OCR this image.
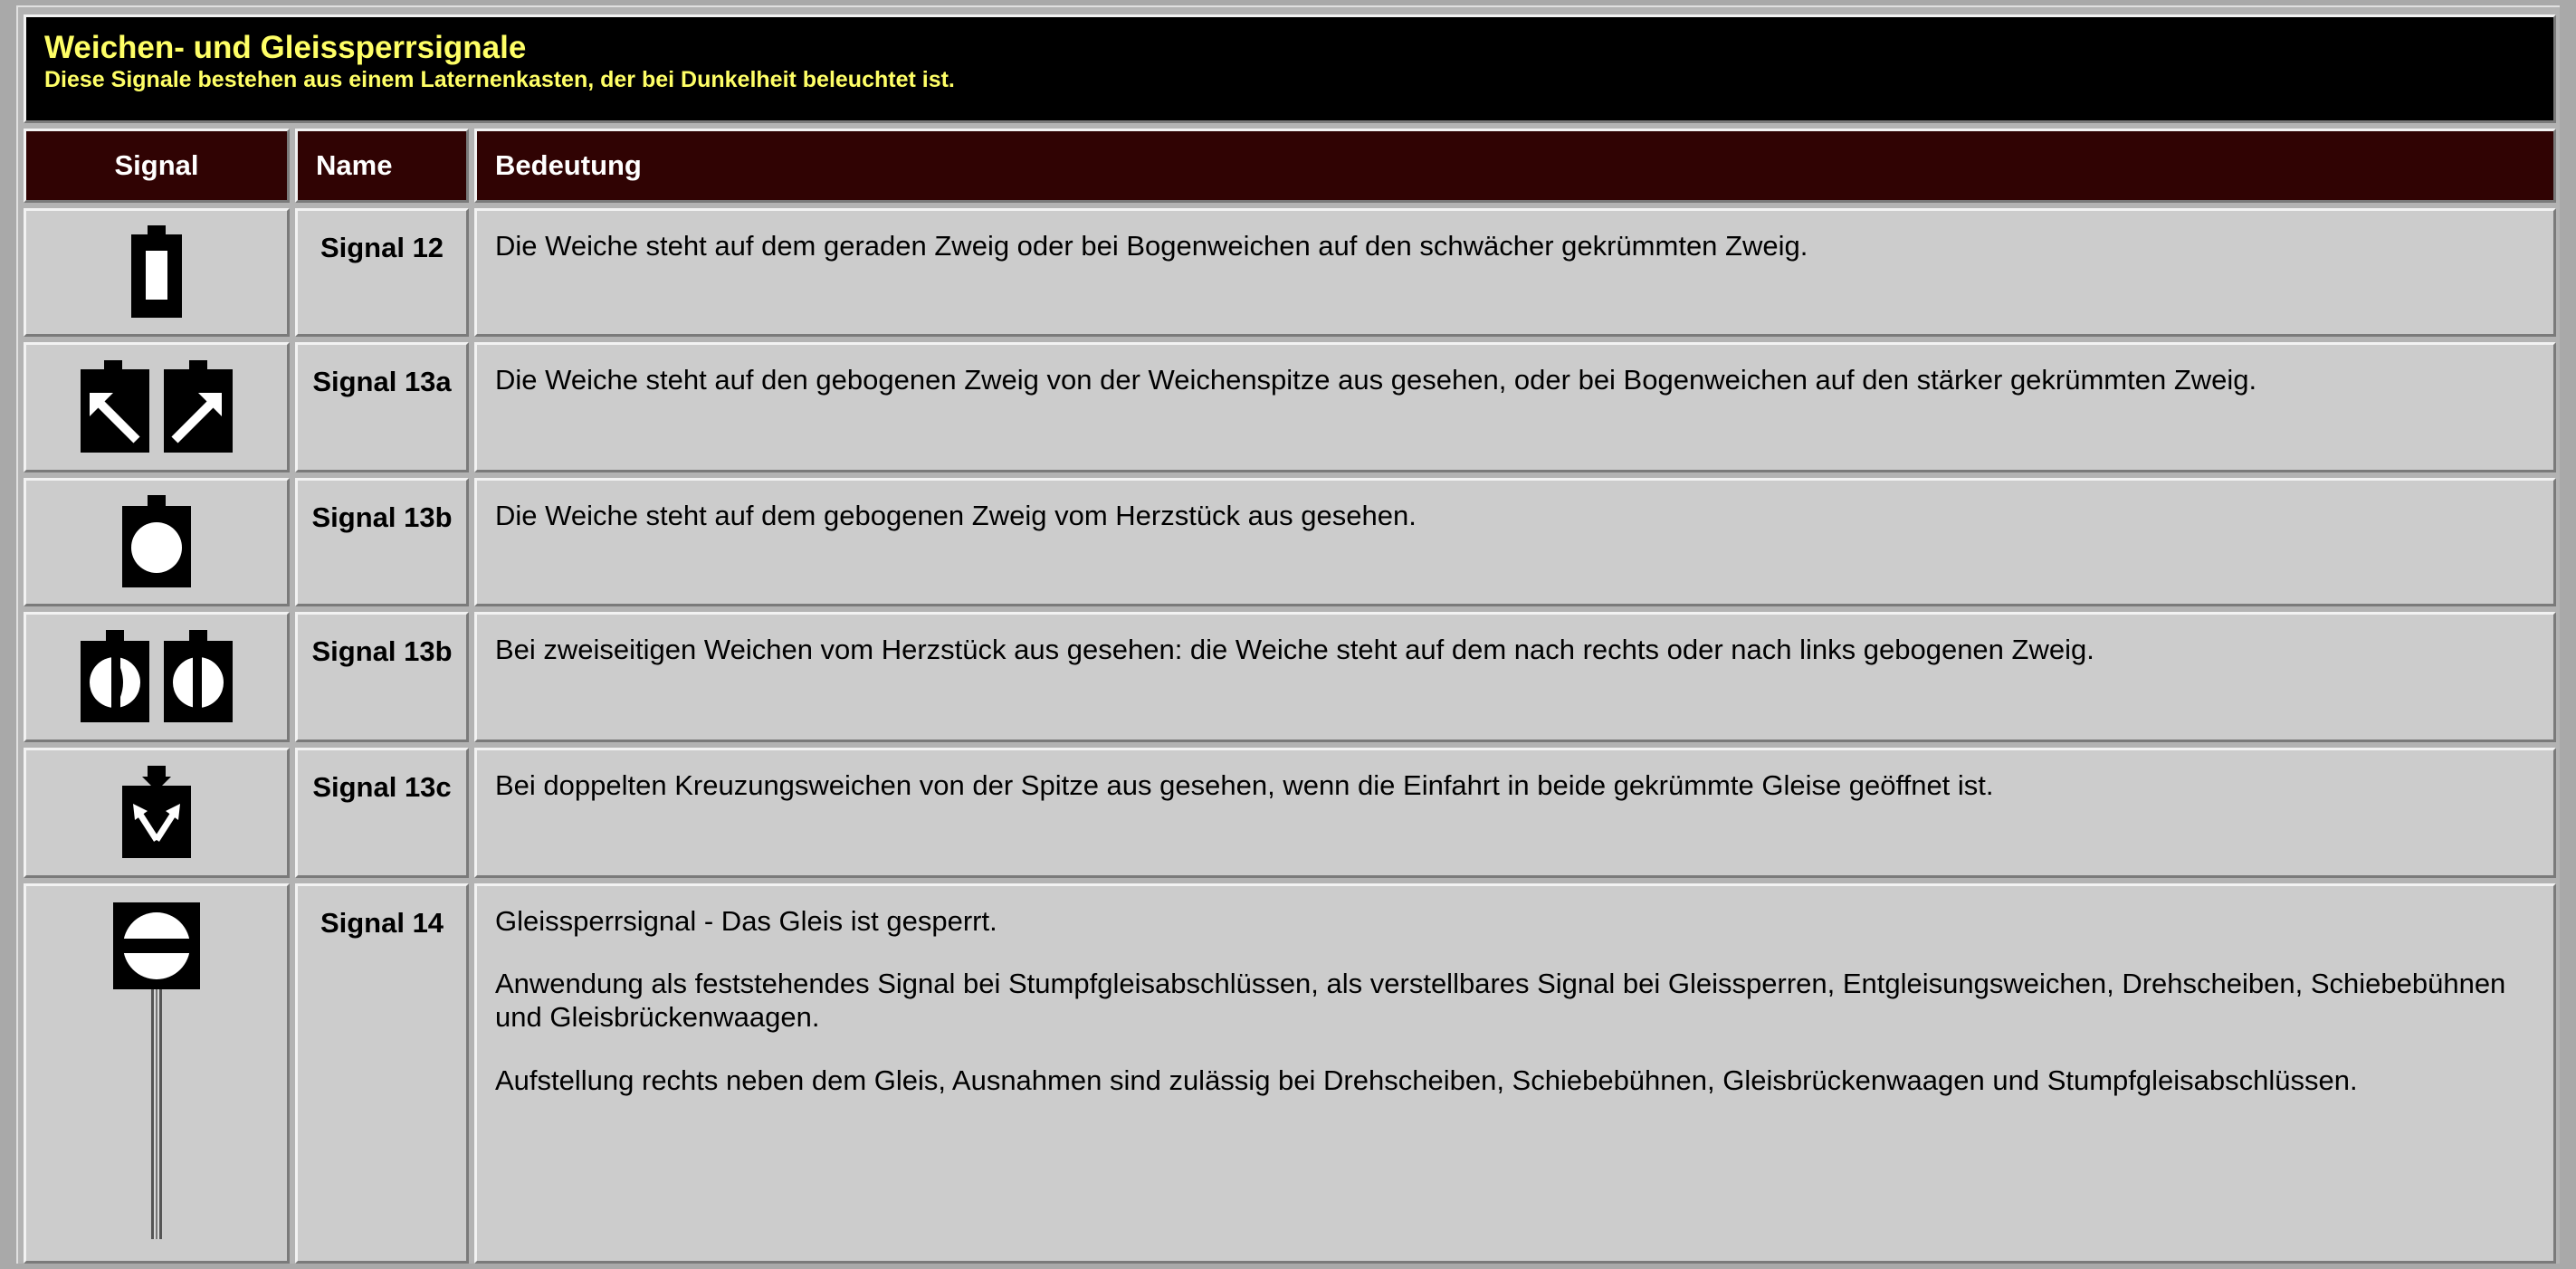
Weichen- und Gleissperrsignale
Diese Signale bestehen aus einem Laternenkasten, der bei Dunkelheit beleuchtet ist.		

Signal	Name	Bedeutung
	Signal 12	Die Weiche steht auf dem geraden Zweig oder bei Bogenweichen auf den schwächer gekrümmten Zweig.

	Signal 13a	Die Weiche steht auf den gebogenen Zweig von der Weichenspitze aus gesehen, oder bei Bogenweichen auf den stärker gekrümmten Zweig.

	Signal 13b	Die Weiche steht auf dem gebogenen Zweig vom Herzstück aus gesehen.

	Signal 13b	Bei zweiseitigen Weichen vom Herzstück aus gesehen: die Weiche steht auf dem nach rechts oder nach links gebogenen Zweig.

	Signal 13c	Bei doppelten Kreuzungsweichen von der Spitze aus gesehen, wenn die Einfahrt in beide gekrümmte Gleise geöffnet ist.

	Signal 14	Gleissperrsignal - Das Gleis ist gesperrt.

Anwendung als feststehendes Signal bei Stumpfgleisabschlüssen, als verstellbares Signal bei Gleissperren, Entgleisungsweichen, Drehscheiben, Schiebebühnen und Gleisbrückenwaagen.

Aufstellung rechts neben dem Gleis, Ausnahmen sind zulässig bei Drehscheiben, Schiebebühnen, Gleisbrückenwaagen und Stumpfgleisabschlüssen.
